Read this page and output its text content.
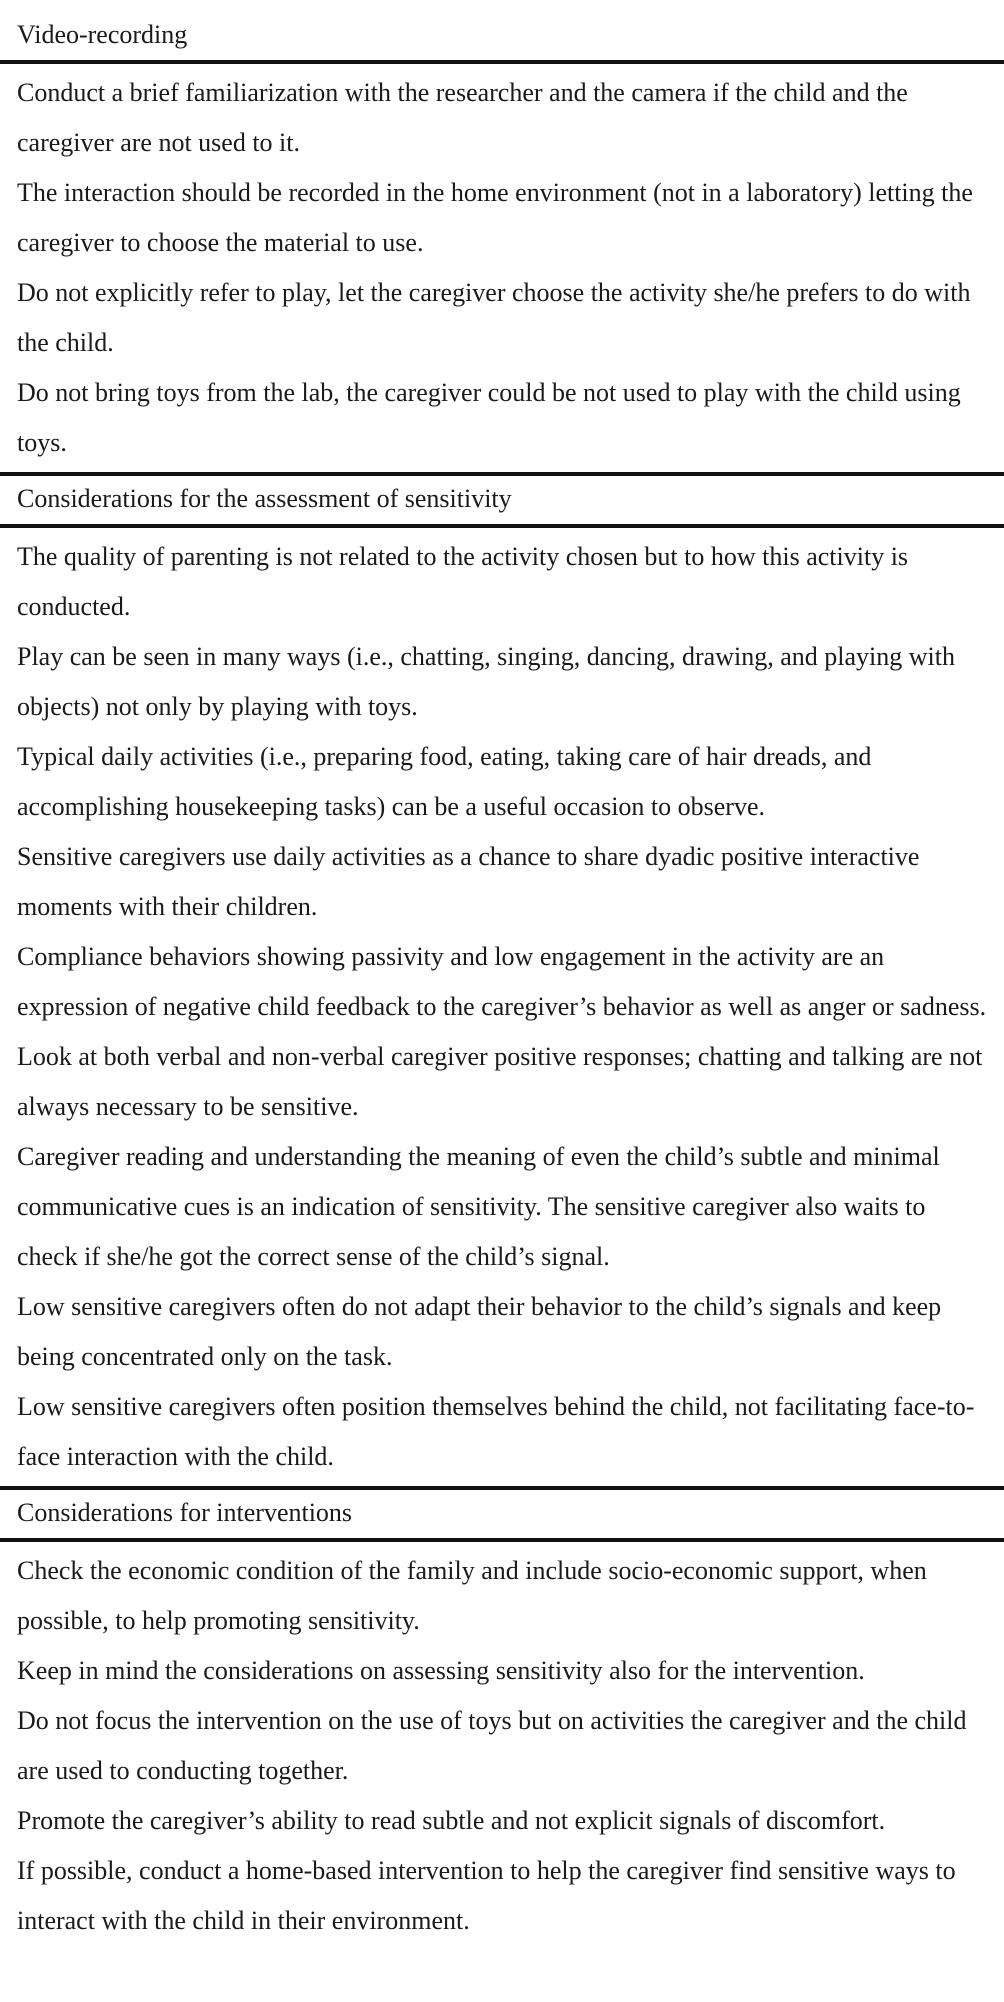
Video-recording

Conduct a brief familiarization with the researcher and the camera if the child and the caregiver are not used to it.

The interaction should be recorded in the home environment (not in a laboratory) letting the caregiver to choose the material to use.

Do not explicitly refer to play, let the caregiver choose the activity she/he prefers to do with the child.

Do not bring toys from the lab, the caregiver could be not used to play with the child using toys.

Considerations for the assessment of sensitivity

The quality of parenting is not related to the activity chosen but to how this activity is conducted.

Play can be seen in many ways (i.e., chatting, singing, dancing, drawing, and playing with objects) not only by playing with toys.

Typical daily activities (i.e., preparing food, eating, taking care of hair dreads, and accomplishing housekeeping tasks) can be a useful occasion to observe.

Sensitive caregivers use daily activities as a chance to share dyadic positive interactive moments with their children.

Compliance behaviors showing passivity and low engagement in the activity are an expression of negative child feedback to the caregiver’s behavior as well as anger or sadness.

Look at both verbal and non-verbal caregiver positive responses; chatting and talking are not always necessary to be sensitive.

Caregiver reading and understanding the meaning of even the child’s subtle and minimal communicative cues is an indication of sensitivity. The sensitive caregiver also waits to check if she/he got the correct sense of the child’s signal.

Low sensitive caregivers often do not adapt their behavior to the child’s signals and keep being concentrated only on the task.

Low sensitive caregivers often position themselves behind the child, not facilitating face-to-face interaction with the child.

Considerations for interventions

Check the economic condition of the family and include socio-economic support, when possible, to help promoting sensitivity.

Keep in mind the considerations on assessing sensitivity also for the intervention.

Do not focus the intervention on the use of toys but on activities the caregiver and the child are used to conducting together.

Promote the caregiver’s ability to read subtle and not explicit signals of discomfort.

If possible, conduct a home-based intervention to help the caregiver find sensitive ways to interact with the child in their environment.
